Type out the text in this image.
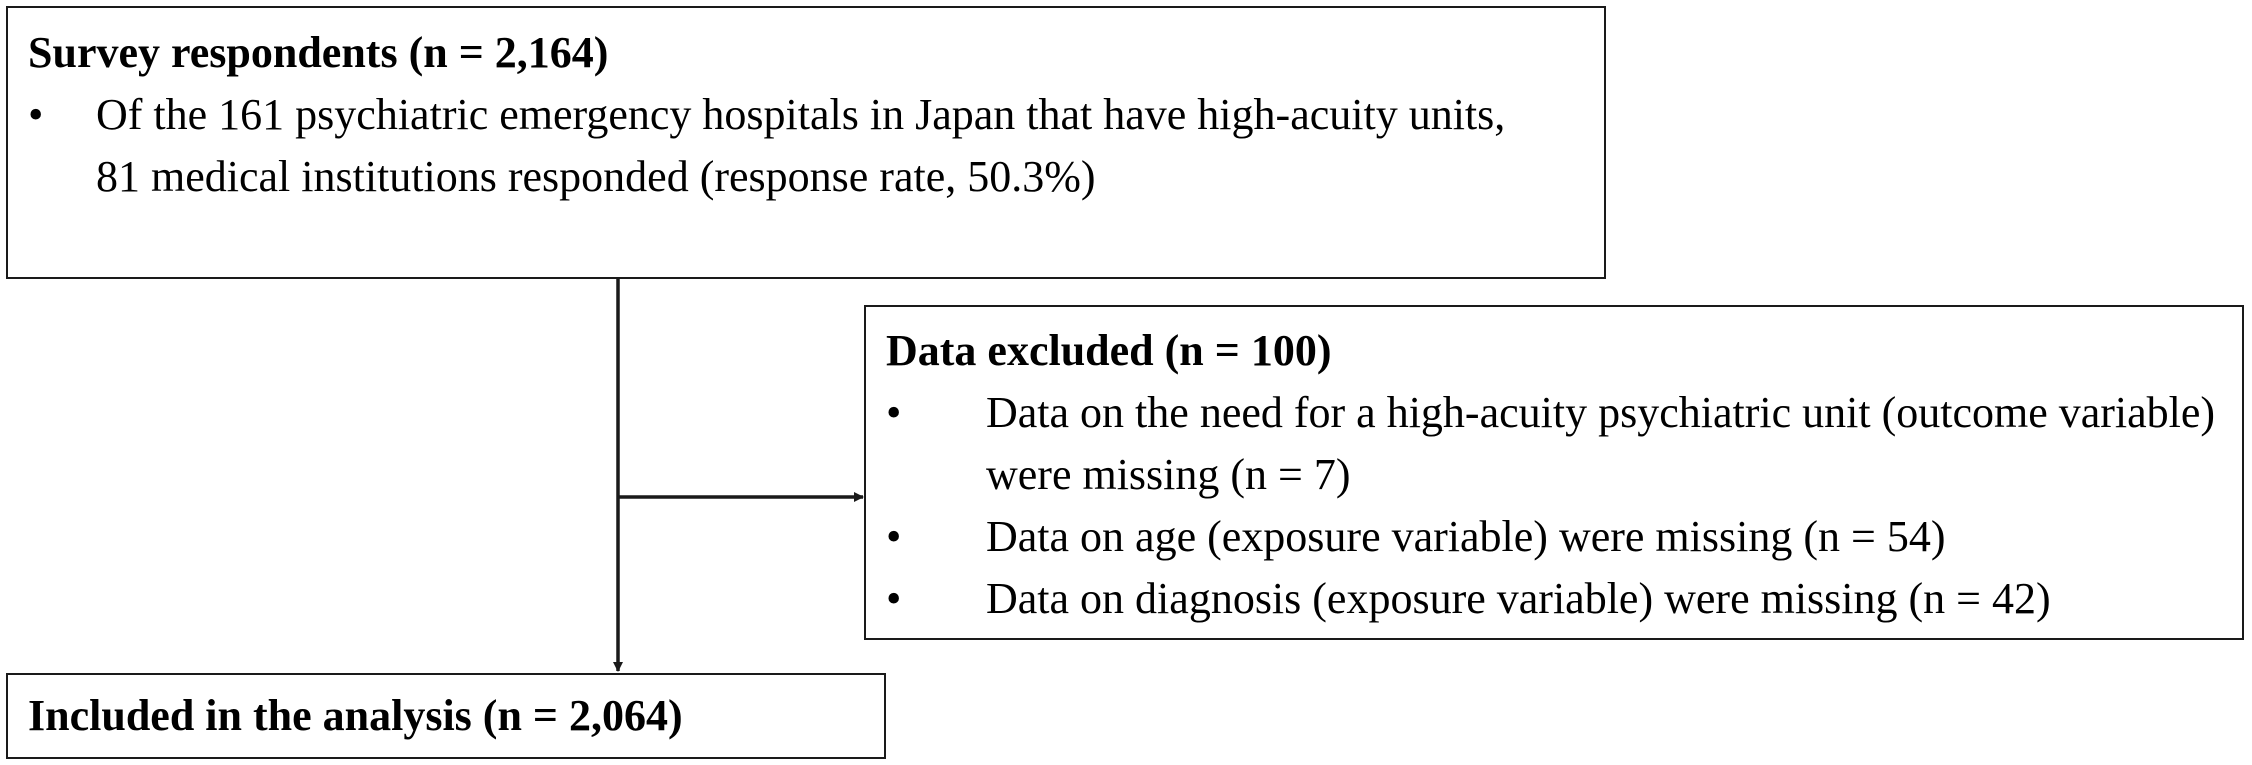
Survey respondents (n = 2,164)
• Of the 161 psychiatric emergency hospitals in Japan that have high-acuity units, 81 medical institutions responded (response rate, 50.3%)
Data excluded (n = 100)
• Data on the need for a high-acuity psychiatric unit (outcome variable) were missing (n = 7)
• Data on age (exposure variable) were missing (n = 54)
• Data on diagnosis (exposure variable) were missing (n = 42)
Included in the analysis (n = 2,064)
